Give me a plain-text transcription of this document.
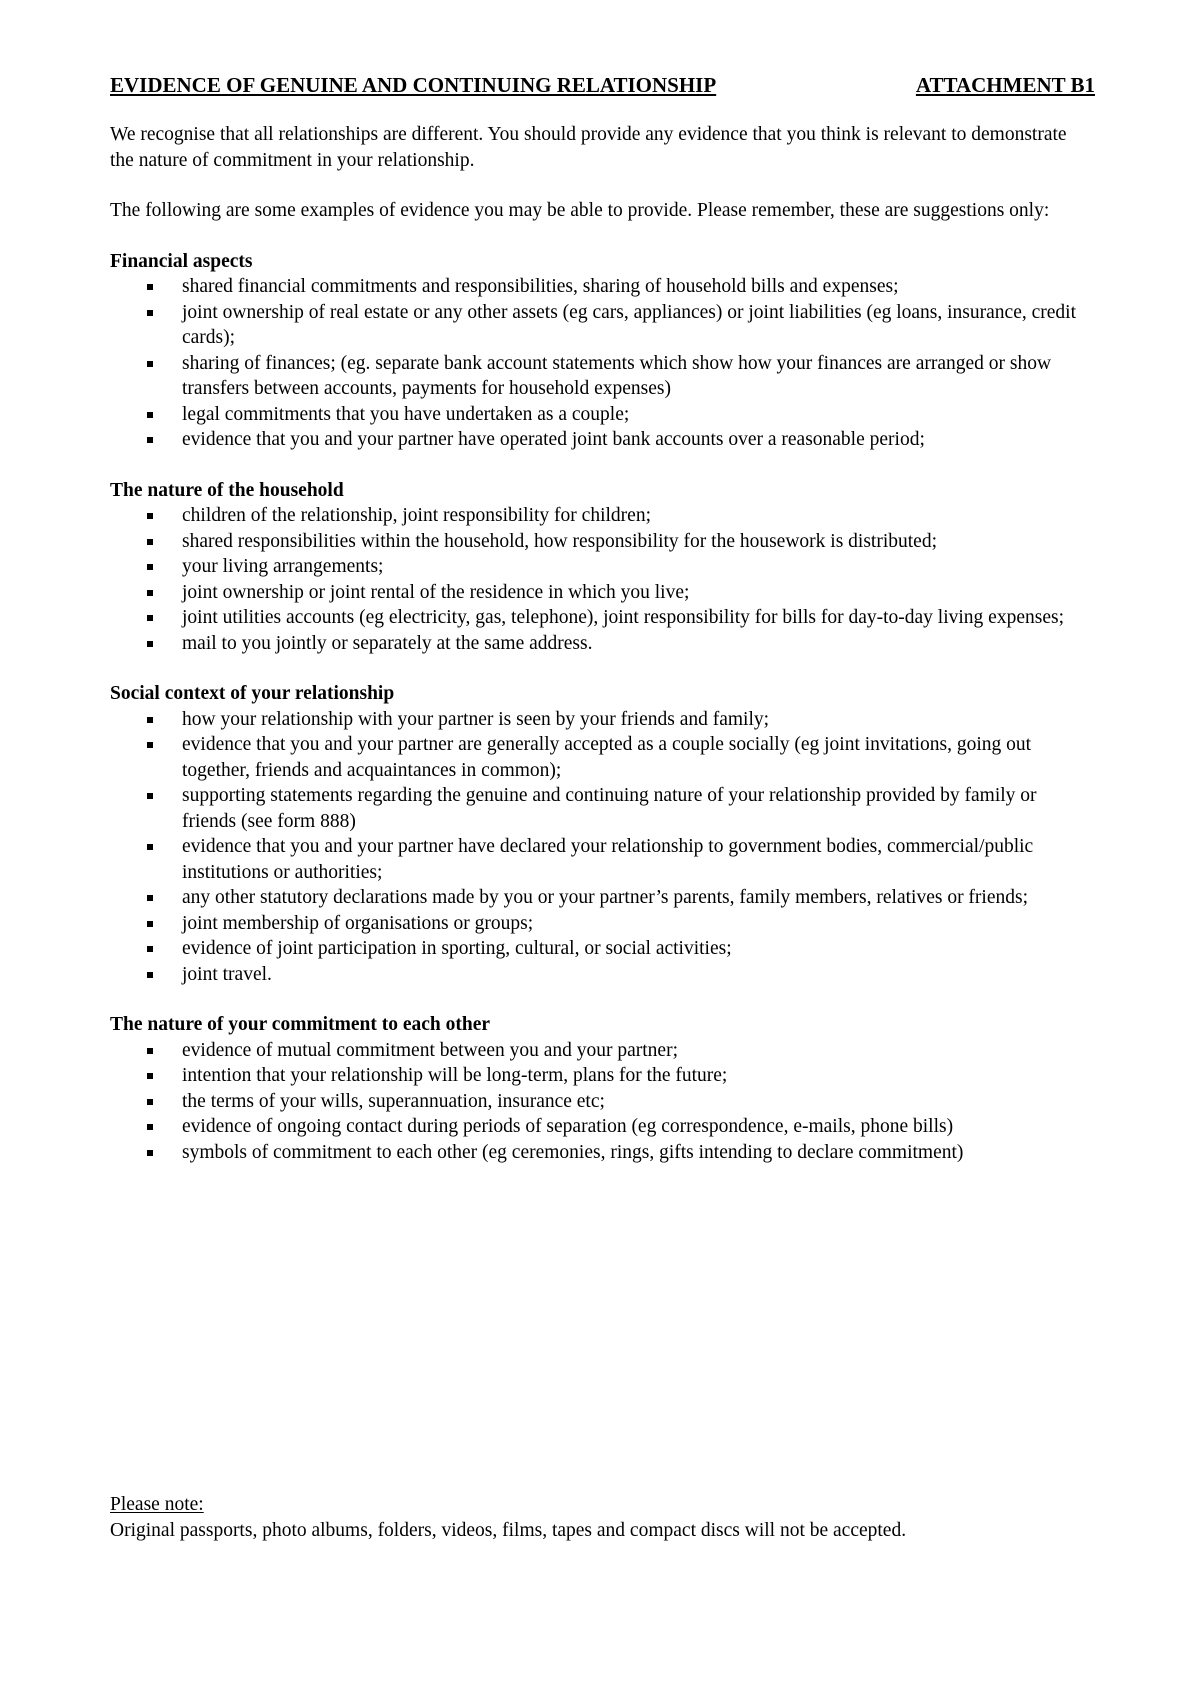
EVIDENCE OF GENUINE AND CONTINUING RELATIONSHIP	ATTACHMENT B1

We recognise that all relationships are different. You should provide any evidence that you think is relevant to demonstrate the nature of commitment in your relationship.

The following are some examples of evidence you may be able to provide. Please remember, these are suggestions only:

Financial aspects
shared financial commitments and responsibilities, sharing of household bills and expenses;
joint ownership of real estate or any other assets (eg cars, appliances) or joint liabilities (eg loans, insurance, credit cards);
sharing of finances; (eg. separate bank account statements which show how your finances are arranged or show transfers between accounts, payments for household expenses)
legal commitments that you have undertaken as a couple;
evidence that you and your partner have operated joint bank accounts over a reasonable period;
The nature of the household
children of the relationship, joint responsibility for children;
shared responsibilities within the household, how responsibility for the housework is distributed;
your living arrangements;
joint ownership or joint rental of the residence in which you live;
joint utilities accounts (eg electricity, gas, telephone), joint responsibility for bills for day-to-day living expenses;
mail to you jointly or separately at the same address.
Social context of your relationship
how your relationship with your partner is seen by your friends and family;
evidence that you and your partner are generally accepted as a couple socially (eg joint invitations, going out together, friends and acquaintances in common);
supporting statements regarding the genuine and continuing nature of your relationship provided by family or friends (see form 888)
evidence that you and your partner have declared your relationship to government bodies, commercial/public institutions or authorities;
any other statutory declarations made by you or your partner’s parents, family members, relatives or friends;
joint membership of organisations or groups;
evidence of joint participation in sporting, cultural, or social activities;
joint travel.
The nature of your commitment to each other
evidence of mutual commitment between you and your partner;
intention that your relationship will be long-term, plans for the future;
the terms of your wills, superannuation, insurance etc;
evidence of ongoing contact during periods of separation (eg correspondence, e-mails, phone bills)
symbols of commitment to each other (eg ceremonies, rings, gifts intending to declare commitment)
Please note:
Original passports, photo albums, folders, videos, films, tapes and compact discs will not be accepted.
